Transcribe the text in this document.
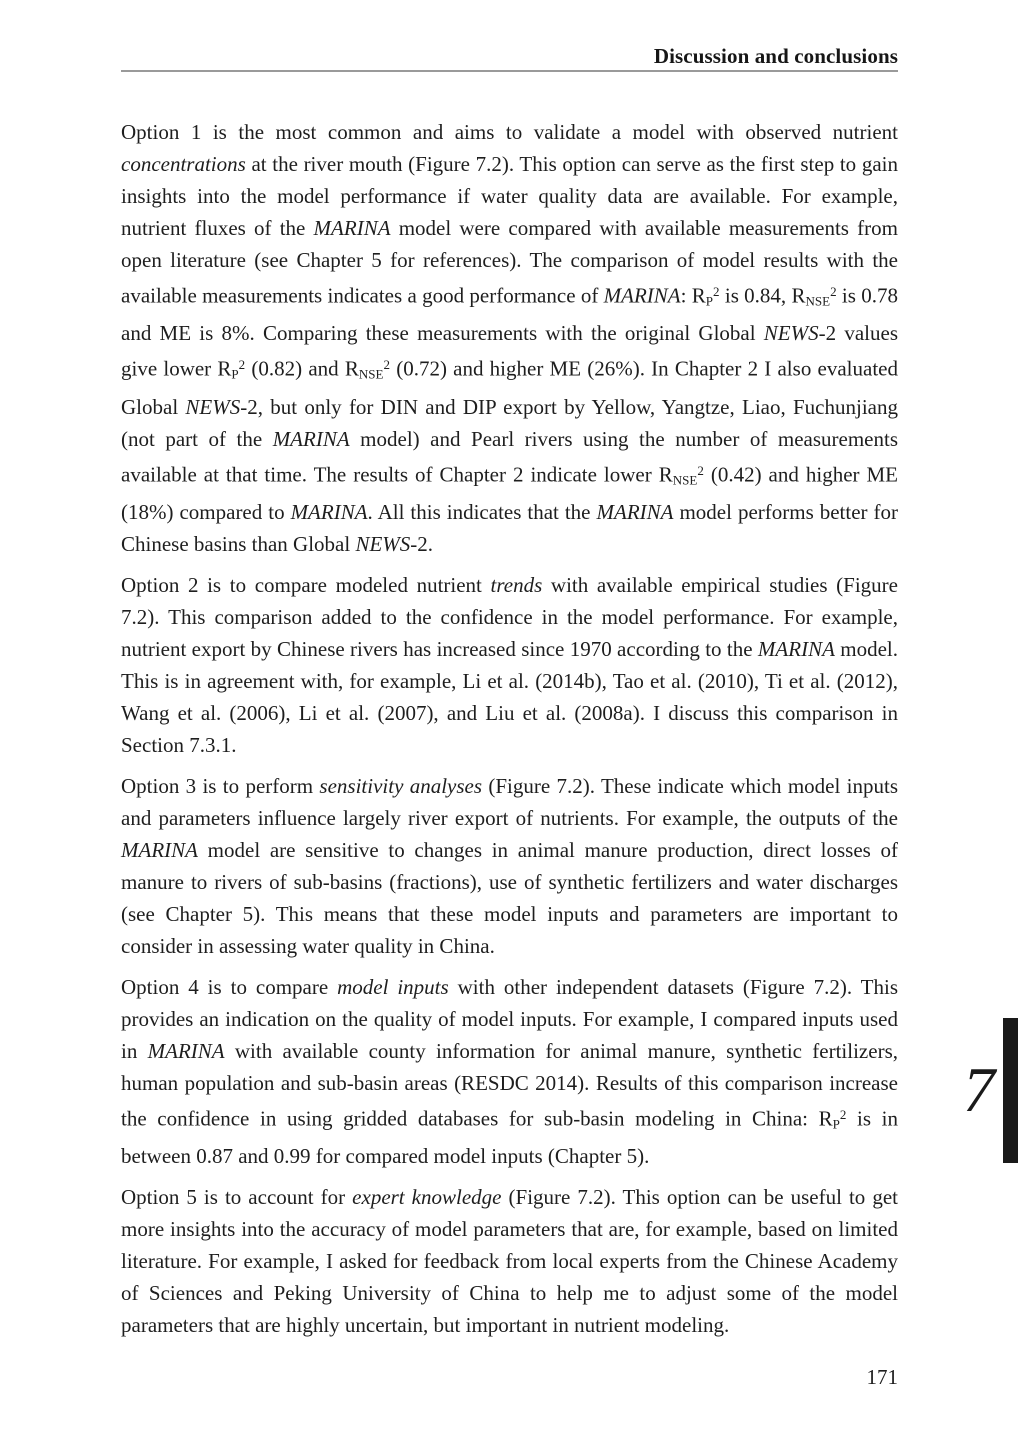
Discussion and conclusions

Option 1 is the most common and aims to validate a model with observed nutrient concentrations at the river mouth (Figure 7.2). This option can serve as the first step to gain insights into the model performance if water quality data are available. For example, nutrient fluxes of the MARINA model were compared with available measurements from open literature (see Chapter 5 for references). The comparison of model results with the available measurements indicates a good performance of MARINA: $RP^2$ is 0.84, RNSE$^2$ is 0.78 and ME is 8%. Comparing these measurements with the original Global NEWS-2 values give lower $RP^2$ (0.82) and RNSE$^2$ (0.72) and higher ME (26%). In Chapter 2 I also evaluated Global NEWS-2, but only for DIN and DIP export by Yellow, Yangtze, Liao, Fuchunjiang (not part of the MARINA model) and Pearl rivers using the number of measurements available at that time. The results of Chapter 2 indicate lower RNSE$^2$ (0.42) and higher ME (18%) compared to MARINA. All this indicates that the MARINA model performs better for Chinese basins than Global NEWS-2.

Option 2 is to compare modeled nutrient trends with available empirical studies (Figure 7.2). This comparison added to the confidence in the model performance. For example, nutrient export by Chinese rivers has increased since 1970 according to the MARINA model. This is in agreement with, for example, Li et al. (2014b), Tao et al. (2010), Ti et al. (2012), Wang et al. (2006), Li et al. (2007), and Liu et al. (2008a). I discuss this comparison in Section 7.3.1.

Option 3 is to perform sensitivity analyses (Figure 7.2). These indicate which model inputs and parameters influence largely river export of nutrients. For example, the outputs of the MARINA model are sensitive to changes in animal manure production, direct losses of manure to rivers of sub-basins (fractions), use of synthetic fertilizers and water discharges (see Chapter 5). This means that these model inputs and parameters are important to consider in assessing water quality in China.

Option 4 is to compare model inputs with other independent datasets (Figure 7.2). This provides an indication on the quality of model inputs. For example, I compared inputs used in MARINA with available county information for animal manure, synthetic fertilizers, human population and sub-basin areas (RESDC 2014). Results of this comparison increase the confidence in using gridded databases for sub-basin modeling in China: $RP^2$ is in between 0.87 and 0.99 for compared model inputs (Chapter 5).

Option 5 is to account for expert knowledge (Figure 7.2). This option can be useful to get more insights into the accuracy of model parameters that are, for example, based on limited literature. For example, I asked for feedback from local experts from the Chinese Academy of Sciences and Peking University of China to help me to adjust some of the model parameters that are highly uncertain, but important in nutrient modeling.

7
171
